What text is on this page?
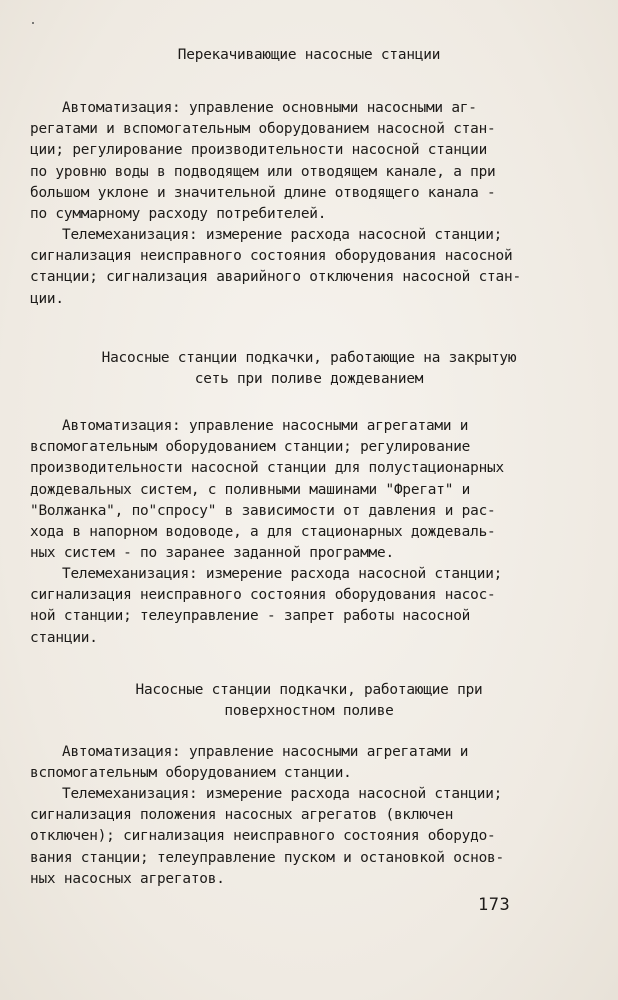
Перекачивающие насосные станции
Автоматизация: управление основными насосными аг-
регатами и вспомогательным оборудованием насосной стан-
ции; регулирование производительности насосной станции
по уровню воды в подводящем или отводящем канале, а при
большом уклоне и значительной длине отводящего канала -
по суммарному расходу потребителей.
Телемеханизация: измерение расхода насосной станции;
сигнализация неисправного состояния оборудования насосной
станции; сигнализация аварийного отключения насосной стан-
ции.
Насосные станции подкачки, работающие на закрытую
сеть при поливе дождеванием
Автоматизация: управление насосными агрегатами и
вспомогательным оборудованием станции; регулирование
производительности насосной станции для полустационарных
дождевальных систем, с поливными машинами "Фрегат" и
"Волжанка", по"спросу" в зависимости от давления и рас-
хода в напорном водоводе, а для стационарных дождеваль-
ных систем - по заранее заданной программе.
Телемеханизация: измерение расхода насосной станции;
сигнализация неисправного состояния оборудования насос-
ной станции; телеуправление - запрет работы насосной
станции.
Насосные станции подкачки, работающие при
поверхностном поливе
Автоматизация: управление насосными агрегатами и
вспомогательным оборудованием станции.
Телемеханизация: измерение расхода насосной станции;
сигнализация положения насосных агрегатов (включен
отключен); сигнализация неисправного состояния оборудо-
вания станции; телеуправление пуском и остановкой основ-
ных насосных агрегатов.
173
